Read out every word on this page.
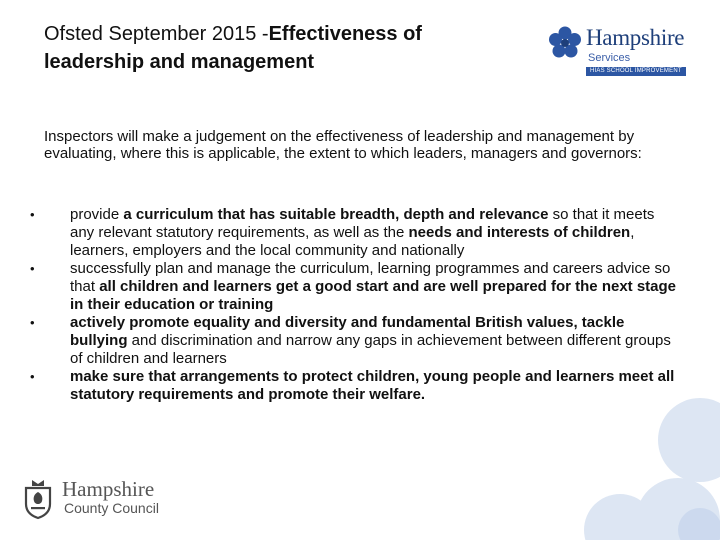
Ofsted September 2015 -Effectiveness of leadership and management
Hampshire
Services
HIAS SCHOOL IMPROVEMENT
Inspectors will make a judgement on the effectiveness of leadership and management by evaluating, where this is applicable, the extent to which leaders, managers and governors:
•	provide a curriculum that has suitable breadth, depth and relevance so that it meets any relevant statutory requirements, as well as the needs and interests of children, learners, employers and the local community and nationally
•	successfully plan and manage the curriculum, learning programmes and careers advice so that all children and learners get a good start and are well prepared for the next stage in their education or training
•	actively promote equality and diversity and fundamental British values, tackle bullying and discrimination and narrow any gaps in achievement between different groups of children and learners
•	make sure that arrangements to protect children, young people and learners meet all statutory requirements and promote their welfare.
Hampshire
County Council
